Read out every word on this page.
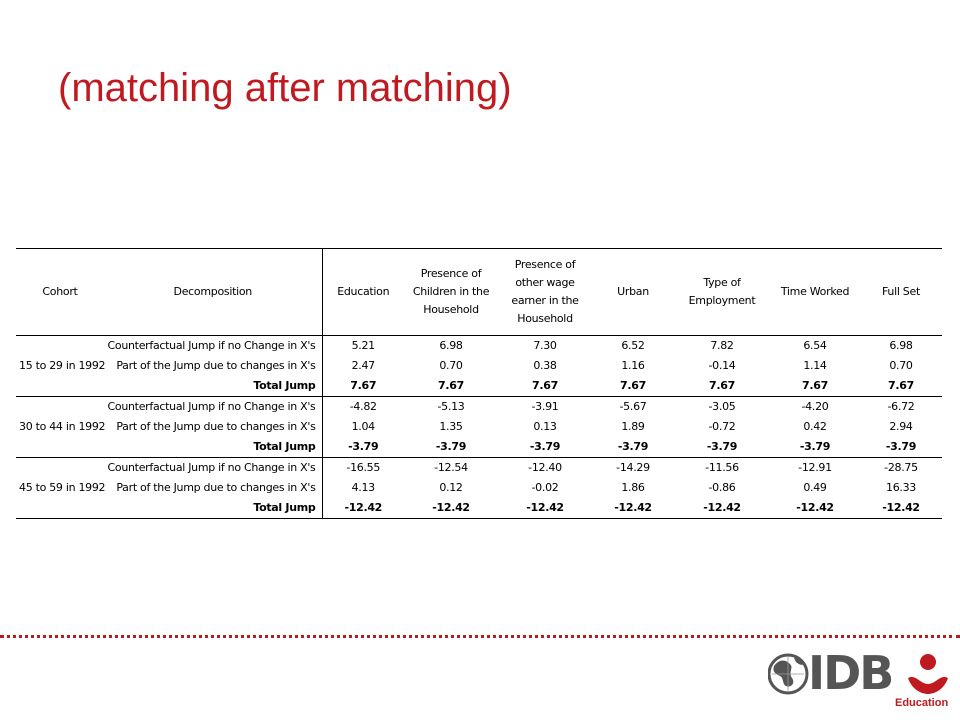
(matching after matching)
Cohort	Decomposition	Education	Presence of Children in the Household	Presence of other wage earner in the Household	Urban	Type of Employment	Time Worked	Full Set
15 to 29 in 1992	Counterfactual Jump if no Change in X's	5.21	6.98	7.30	6.52	7.82	6.54	6.98
	Part of the Jump due to changes in X's	2.47	0.70	0.38	1.16	-0.14	1.14	0.70
	Total Jump	7.67	7.67	7.67	7.67	7.67	7.67	7.67
30 to 44 in 1992	Counterfactual Jump if no Change in X's	-4.82	-5.13	-3.91	-5.67	-3.05	-4.20	-6.72
	Part of the Jump due to changes in X's	1.04	1.35	0.13	1.89	-0.72	0.42	2.94
	Total Jump	-3.79	-3.79	-3.79	-3.79	-3.79	-3.79	-3.79
45 to 59 in 1992	Counterfactual Jump if no Change in X's	-16.55	-12.54	-12.40	-14.29	-11.56	-12.91	-28.75
	Part of the Jump due to changes in X's	4.13	0.12	-0.02	1.86	-0.86	0.49	16.33
	Total Jump	-12.42	-12.42	-12.42	-12.42	-12.42	-12.42	-12.42
IDB
Education
